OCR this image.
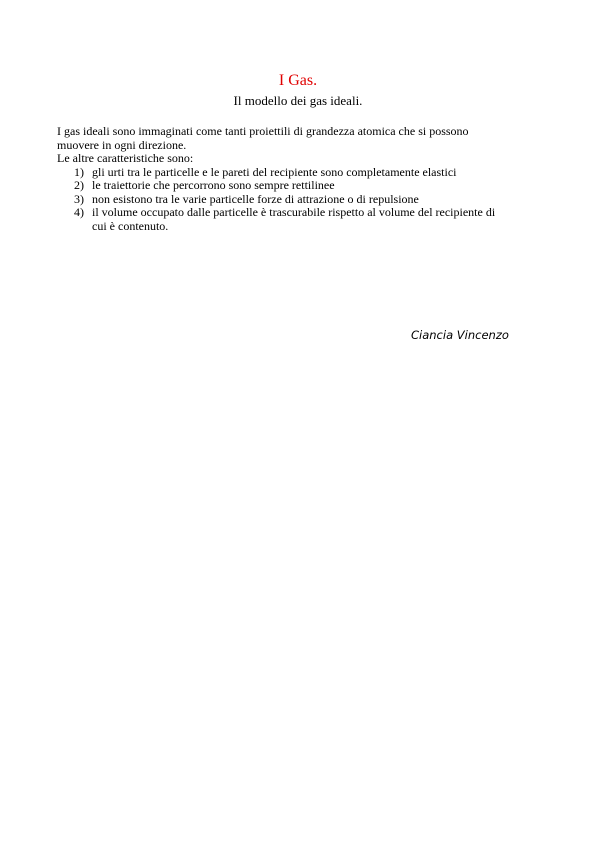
I Gas.
Il modello dei gas ideali.

I gas ideali sono immaginati come tanti proiettili di grandezza atomica che si possono

muovere in ogni direzione.

Le altre caratteristiche sono:

1) gli urti tra le particelle e le pareti del recipiente sono completamente elastici
2) le traiettorie che percorrono sono sempre rettilinee
3) non esistono tra le varie particelle forze di attrazione o di repulsione
4) il volume occupato dalle particelle è trascurabile rispetto al volume del recipiente di
cui è contenuto.
Ciancia Vincenzo
